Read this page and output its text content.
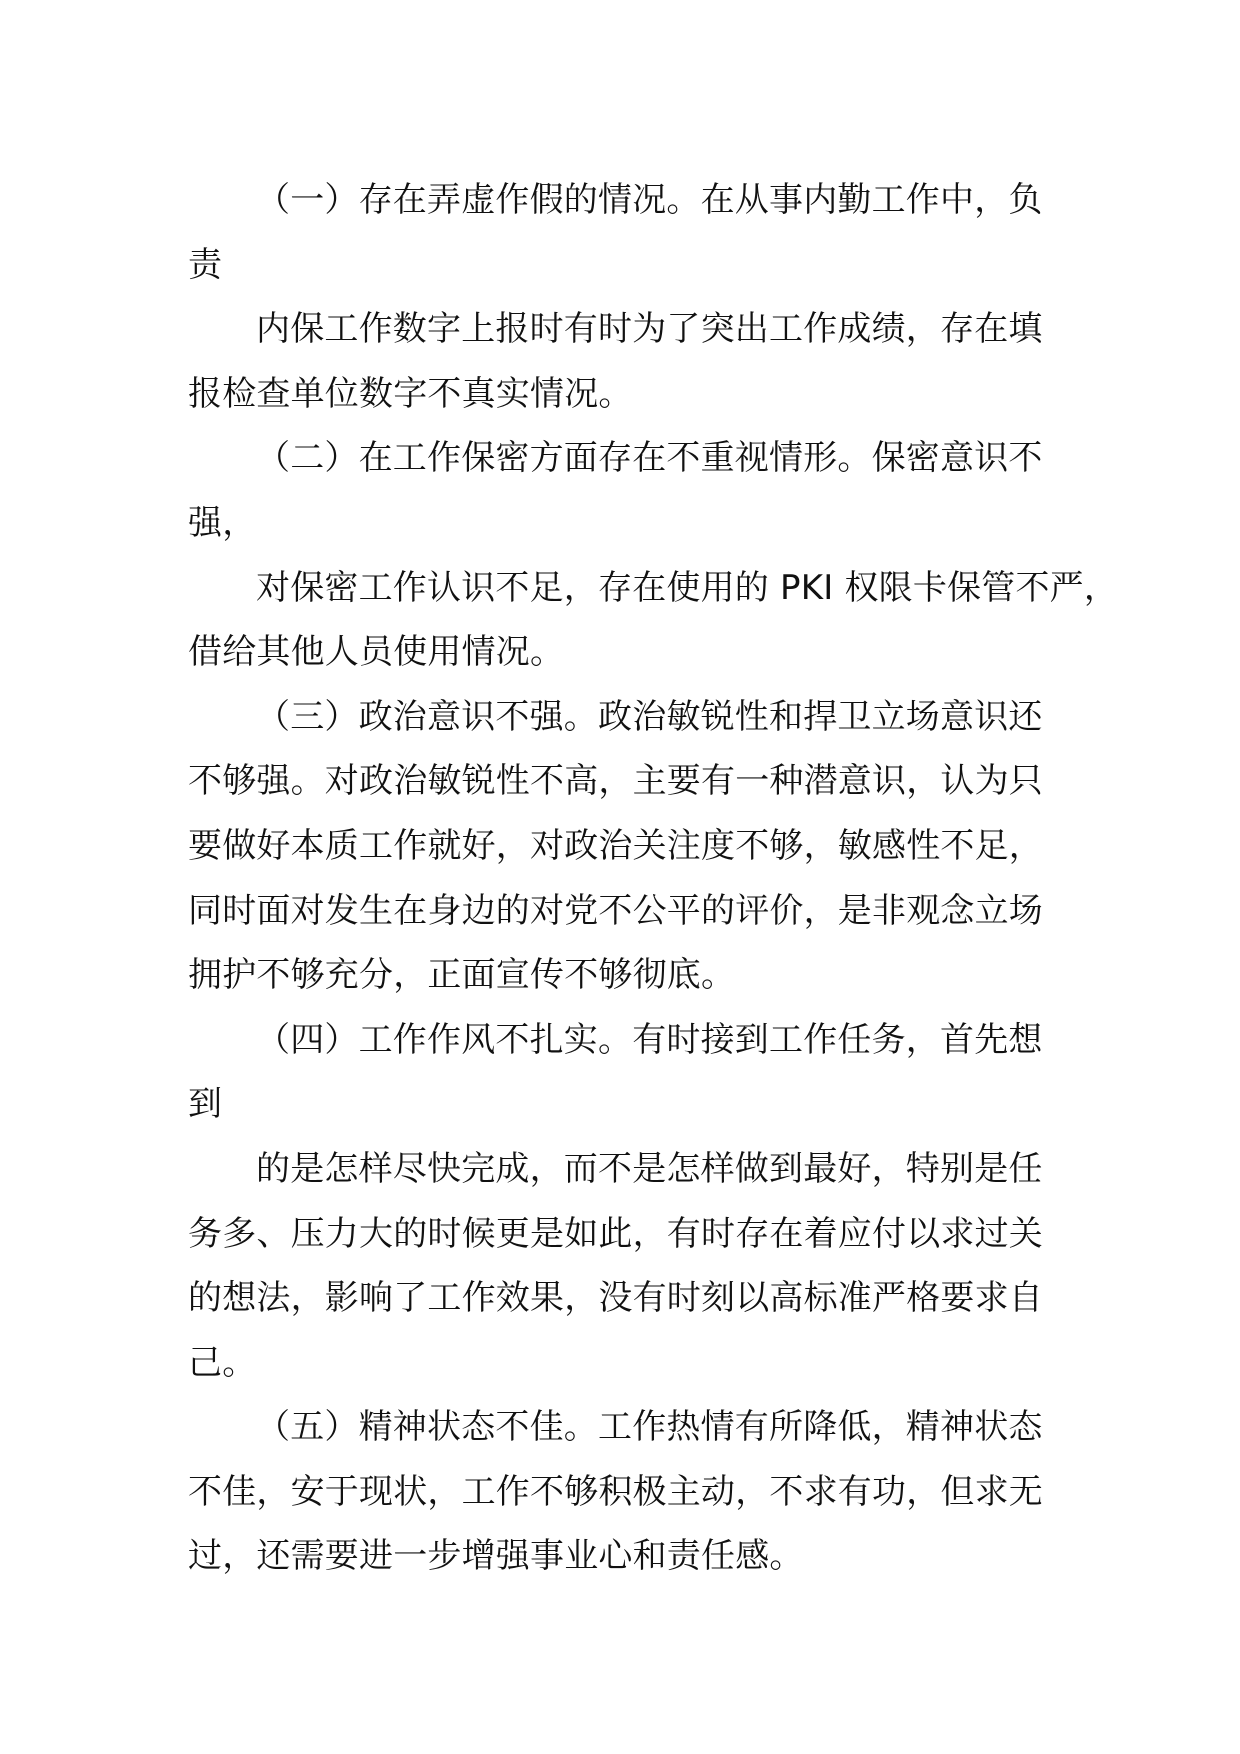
（一）存在弄虚作假的情况。在从事内勤工作中，负
责
内保工作数字上报时有时为了突出工作成绩，存在填
报检查单位数字不真实情况。
（二）在工作保密方面存在不重视情形。保密意识不
强，
对保密工作认识不足，存在使用的 PKI 权限卡保管不严，
借给其他人员使用情况。
（三）政治意识不强。政治敏锐性和捍卫立场意识还
不够强。对政治敏锐性不高，主要有一种潜意识，认为只
要做好本质工作就好，对政治关注度不够，敏感性不足，
同时面对发生在身边的对党不公平的评价，是非观念立场
拥护不够充分，正面宣传不够彻底。
（四）工作作风不扎实。有时接到工作任务，首先想
到
的是怎样尽快完成，而不是怎样做到最好，特别是任
务多、压力大的时候更是如此，有时存在着应付以求过关
的想法，影响了工作效果，没有时刻以高标准严格要求自
己。
（五）精神状态不佳。工作热情有所降低，精神状态
不佳，安于现状，工作不够积极主动，不求有功，但求无
过，还需要进一步增强事业心和责任感。
